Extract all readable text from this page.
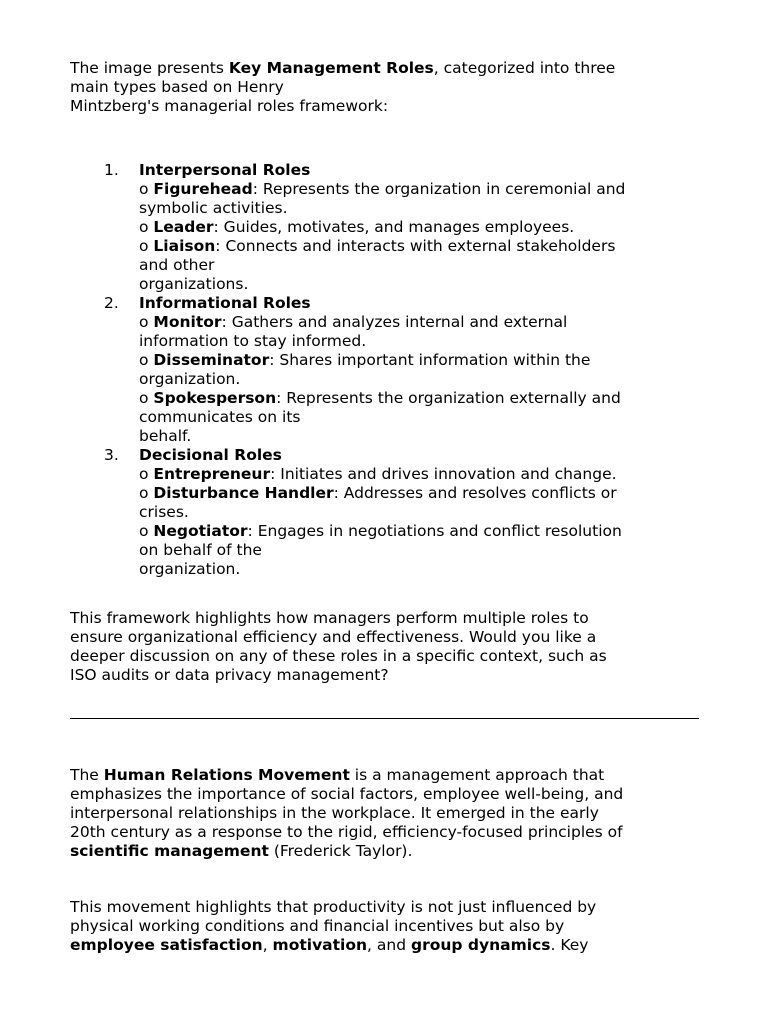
The image presents Key Management Roles, categorized into three
main types based on Henry
Mintzberg's managerial roles framework:

1. Interpersonal Roles
o Figurehead: Represents the organization in ceremonial and
symbolic activities.
o Leader: Guides, motivates, and manages employees.
o Liaison: Connects and interacts with external stakeholders
and other
organizations.
2. Informational Roles
o Monitor: Gathers and analyzes internal and external
information to stay informed.
o Disseminator: Shares important information within the
organization.
o Spokesperson: Represents the organization externally and
communicates on its
behalf.
3. Decisional Roles
o Entrepreneur: Initiates and drives innovation and change.
o Disturbance Handler: Addresses and resolves conflicts or
crises.
o Negotiator: Engages in negotiations and conflict resolution
on behalf of the
organization.

This framework highlights how managers perform multiple roles to
ensure organizational efficiency and effectiveness. Would you like a
deeper discussion on any of these roles in a specific context, such as
ISO audits or data privacy management?

The Human Relations Movement is a management approach that
emphasizes the importance of social factors, employee well-being, and
interpersonal relationships in the workplace. It emerged in the early
20th century as a response to the rigid, efficiency-focused principles of
scientific management (Frederick Taylor).

This movement highlights that productivity is not just influenced by
physical working conditions and financial incentives but also by
employee satisfaction, motivation, and group dynamics. Key
